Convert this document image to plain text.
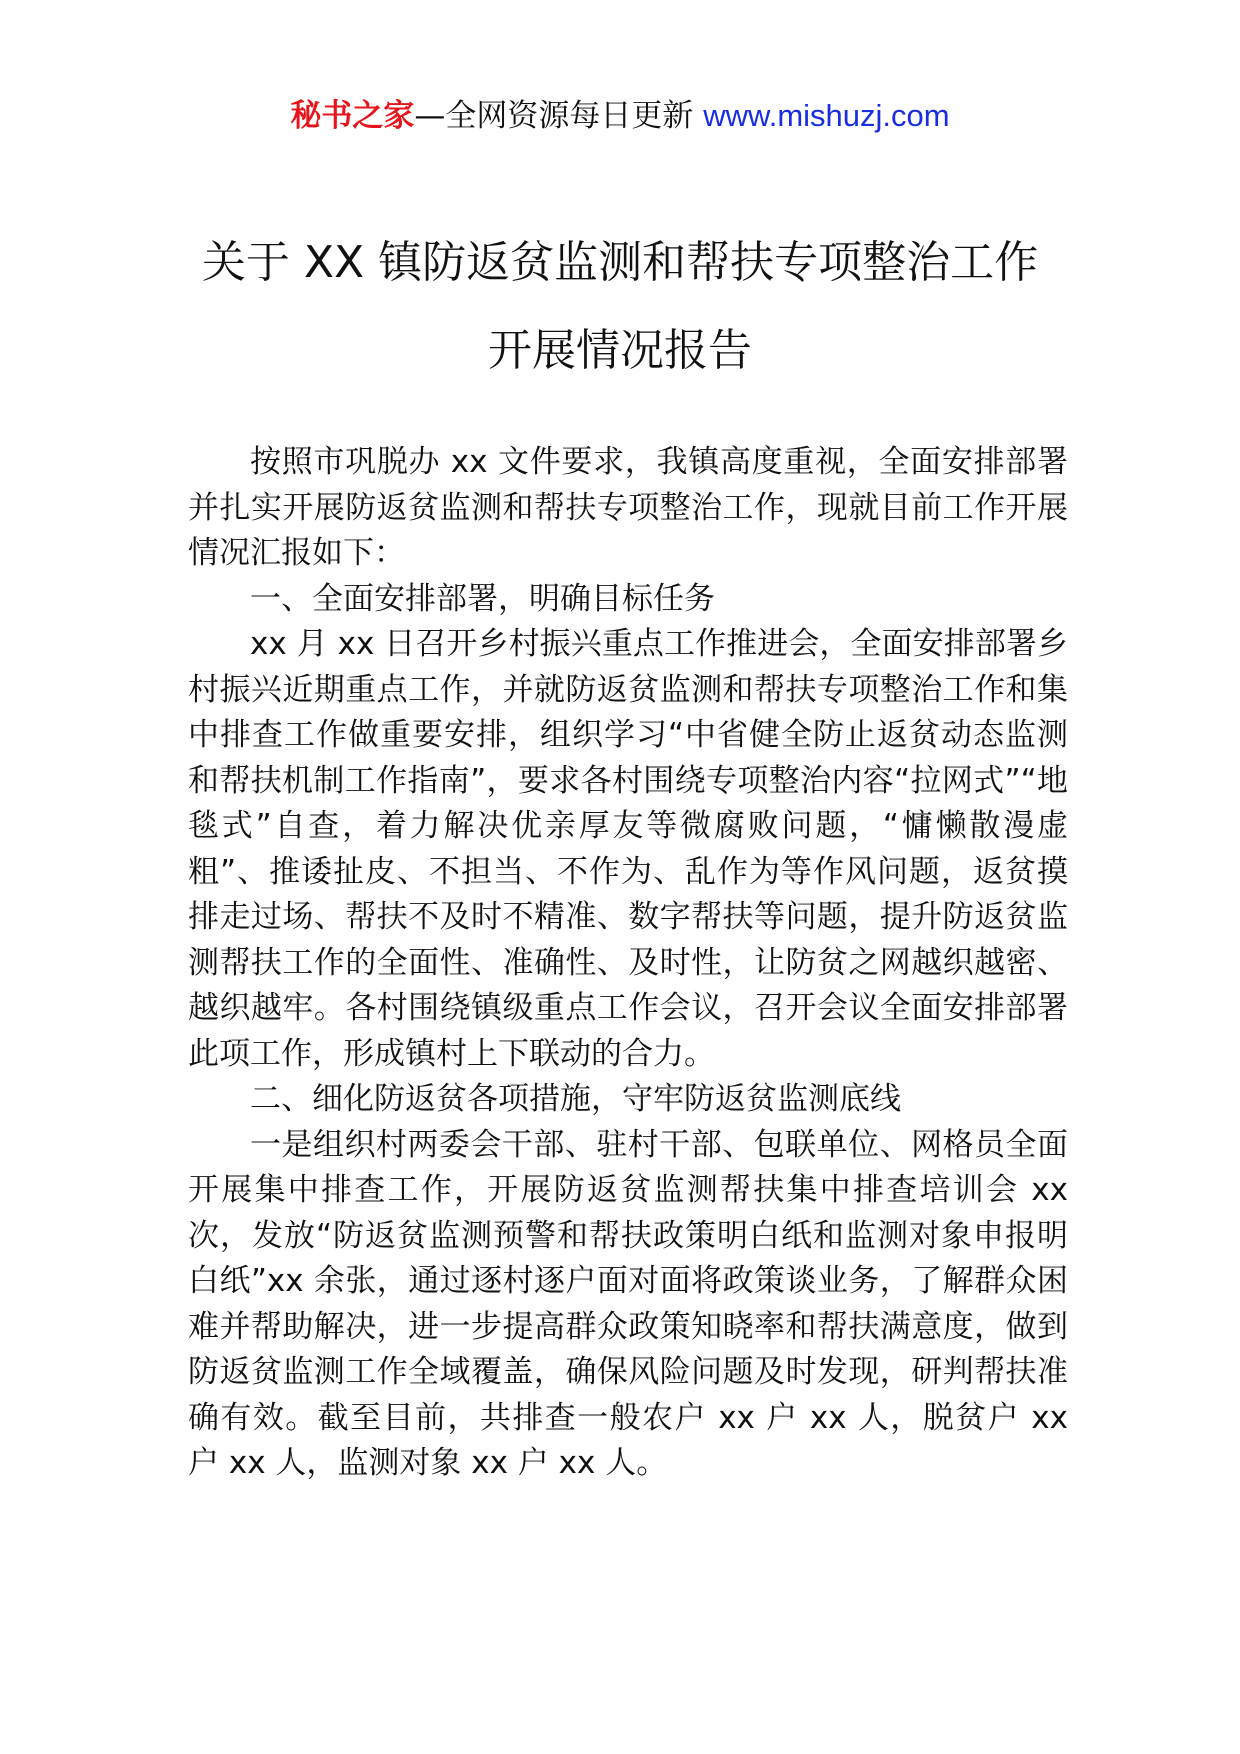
秘书之家—全网资源每日更新 www.mishuzj.com
关于 XX 镇防返贫监测和帮扶专项整治工作
开展情况报告

按照市巩脱办 xx 文件要求，我镇高度重视，全面安排部署并扎实开展防返贫监测和帮扶专项整治工作，现就目前工作开展情况汇报如下：

一、全面安排部署，明确目标任务

xx 月 xx 日召开乡村振兴重点工作推进会，全面安排部署乡村振兴近期重点工作，并就防返贫监测和帮扶专项整治工作和集中排查工作做重要安排，组织学习“中省健全防止返贫动态监测和帮扶机制工作指南”，要求各村围绕专项整治内容“拉网式”“地毯式”自查，着力解决优亲厚友等微腐败问题，“慵懒散漫虚粗”、推诿扯皮、不担当、不作为、乱作为等作风问题，返贫摸排走过场、帮扶不及时不精准、数字帮扶等问题，提升防返贫监测帮扶工作的全面性、准确性、及时性，让防贫之网越织越密、越织越牢。各村围绕镇级重点工作会议，召开会议全面安排部署此项工作，形成镇村上下联动的合力。

二、细化防返贫各项措施，守牢防返贫监测底线

一是组织村两委会干部、驻村干部、包联单位、网格员全面开展集中排查工作，开展防返贫监测帮扶集中排查培训会 xx 次，发放“防返贫监测预警和帮扶政策明白纸和监测对象申报明白纸”xx 余张，通过逐村逐户面对面将政策谈业务，了解群众困难并帮助解决，进一步提高群众政策知晓率和帮扶满意度，做到防返贫监测工作全域覆盖，确保风险问题及时发现，研判帮扶准确有效。截至目前，共排查一般农户 xx 户 xx 人，脱贫户 xx 户 xx 人，监测对象 xx 户 xx 人。
